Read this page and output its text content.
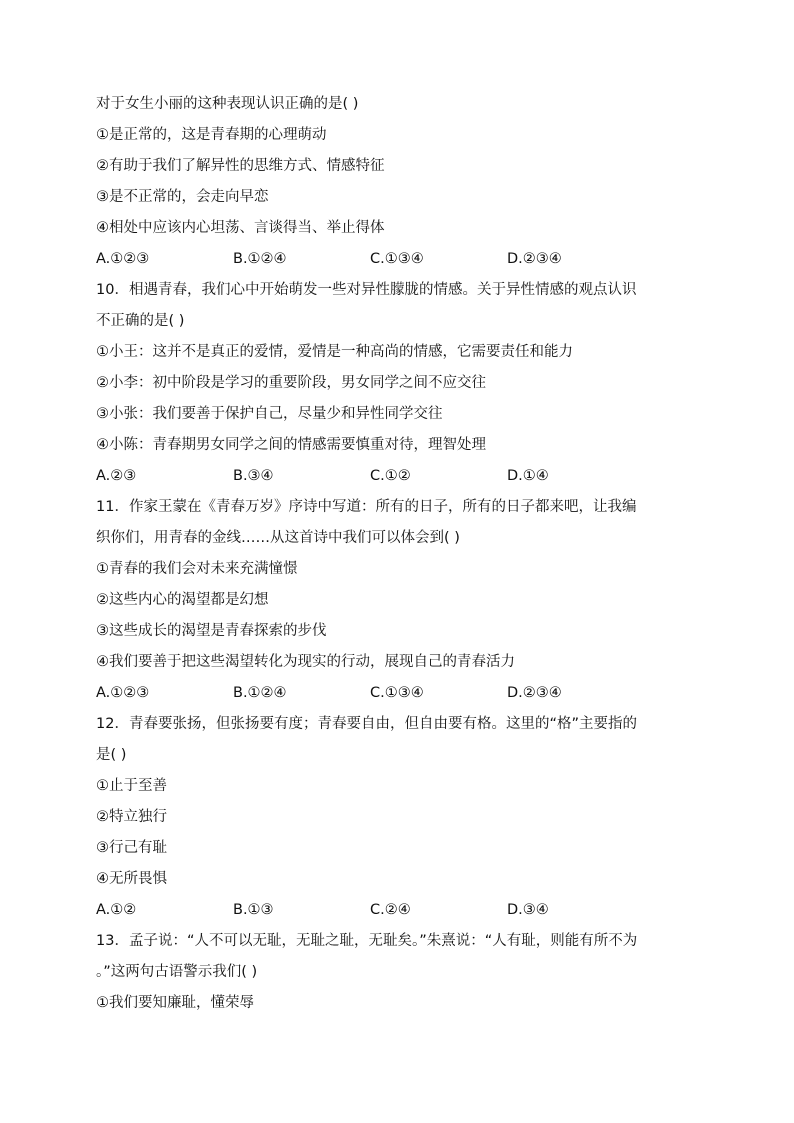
对于女生小丽的这种表现认识正确的是( )
①是正常的，这是青春期的心理萌动
②有助于我们了解异性的思维方式、情感特征
③是不正常的，会走向早恋
④相处中应该内心坦荡、言谈得当、举止得体
A.①②③	B.①②④	C.①③④	D.②③④
10．相遇青春，我们心中开始萌发一些对异性朦胧的情感。关于异性情感的观点认识
不正确的是( )
①小王：这并不是真正的爱情，爱情是一种高尚的情感，它需要责任和能力
②小李：初中阶段是学习的重要阶段，男女同学之间不应交往
③小张：我们要善于保护自己，尽量少和异性同学交往
④小陈：青春期男女同学之间的情感需要慎重对待，理智处理
A.②③	B.③④	C.①②	D.①④
11．作家王蒙在《青春万岁》序诗中写道：所有的日子，所有的日子都来吧，让我编
织你们，用青春的金线……从这首诗中我们可以体会到( )
①青春的我们会对未来充满憧憬
②这些内心的渴望都是幻想
③这些成长的渴望是青春探索的步伐
④我们要善于把这些渴望转化为现实的行动，展现自己的青春活力
A.①②③	B.①②④	C.①③④	D.②③④
12．青春要张扬，但张扬要有度；青春要自由，但自由要有格。这里的“格”主要指的
是( )
①止于至善
②特立独行
③行己有耻
④无所畏惧
A.①②	B.①③	C.②④	D.③④
13．孟子说：“人不可以无耻，无耻之耻，无耻矣。”朱熹说：“人有耻，则能有所不为
。”这两句古语警示我们( )
①我们要知廉耻，懂荣辱
